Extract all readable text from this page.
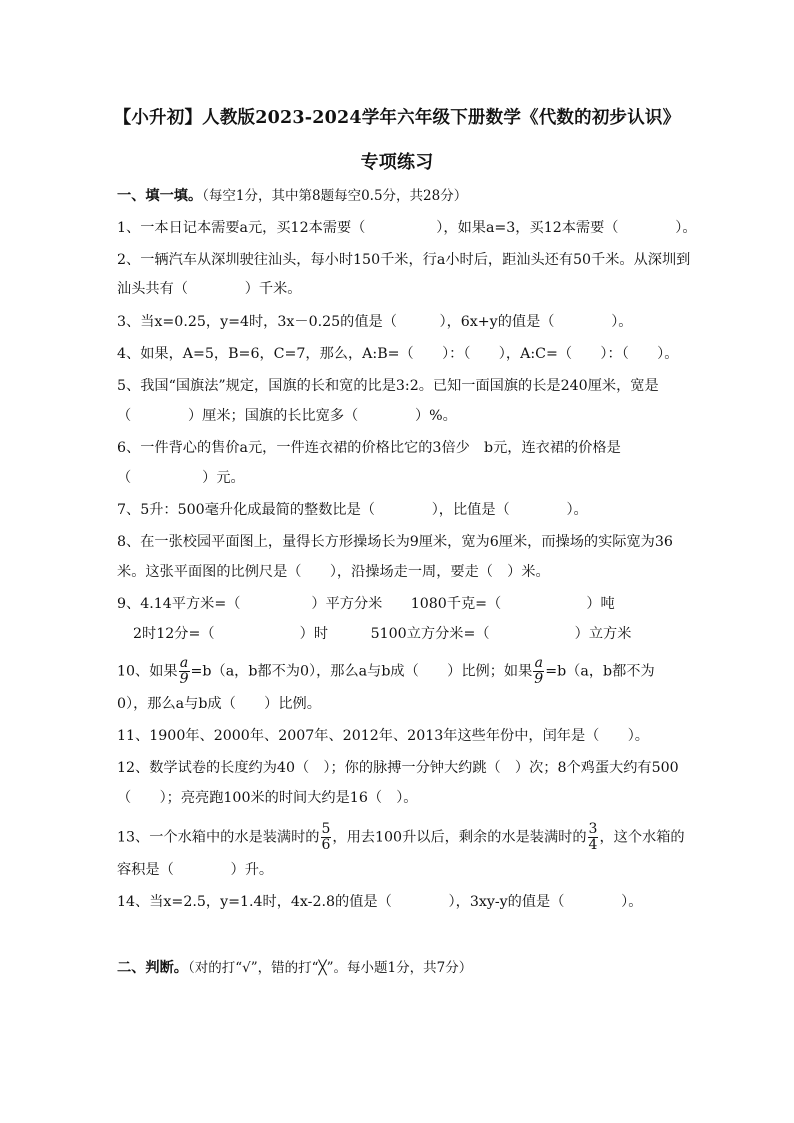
【小升初】人教版2023-2024学年六年级下册数学《代数的初步认识》
专项练习
一、填一填。（每空1分，其中第8题每空0.5分，共28分）
1、一本日记本需要a元，买12本需要（　　　　　），如果a=3，买12本需要（　　　　）。
2、一辆汽车从深圳驶往汕头，每小时150千米，行a小时后，距汕头还有50千米。从深圳到
汕头共有（　　　　）千米。
3、当x=0.25，y=4时，3x－0.25的值是（　　　），6x+y的值是（　　　　）。
4、如果，A=5，B=6，C=7，那么，A:B=（　　）：（　　），A:C=（　　）：（　　）。
5、我国“国旗法”规定，国旗的长和宽的比是3:2。已知一面国旗的长是240厘米，宽是
（　　　　）厘米；国旗的长比宽多（　　　　）%。
6、一件背心的售价a元，一件连衣裙的价格比它的3倍少　b元，连衣裙的价格是
（　　　　　）元。
7、5升：500毫升化成最简的整数比是（　　　　），比值是（　　　　）。
8、在一张校园平面图上，量得长方形操场长为9厘米，宽为6厘米，而操场的实际宽为36
米。这张平面图的比例尺是（　　），沿操场走一周，要走（　）米。
9、4.14平方米=（　　　　　）平方分米　　1080千克=（　　　　　　）吨
2时12分=（　　　　　　）时　　　5100立方分米=（　　　　　　）立方米
10、如果 $\frac{a}{9} =b(a$，b都不为0），那么a与b成（　　）比例；如果 $\frac{a}{9} =b(a$，b都不为
0），那么a与b成（　　）比例。
11、1900年、2000年、2007年、2012年、2013年这些年份中，闰年是（　　）。
12、数学试卷的长度约为40（　）；你的脉搏一分钟大约跳（　）次；8个鸡蛋大约有500
（　　）；亮亮跑100米的时间大约是16（　）。
13、一个水箱中的水是装满时的 $\frac{5}{6}$ ，用去100升以后，剩余的水是装满时的 $\frac{3}{4}$ ，这个水箱的
容积是（　　　　）升。
14、当x=2.5，y=1.4时，4x-2.8的值是（　　　　），3xy-y的值是（　　　　）。
二、判断。（对的打“√”，错的打“╳”。每小题1分，共7分）
